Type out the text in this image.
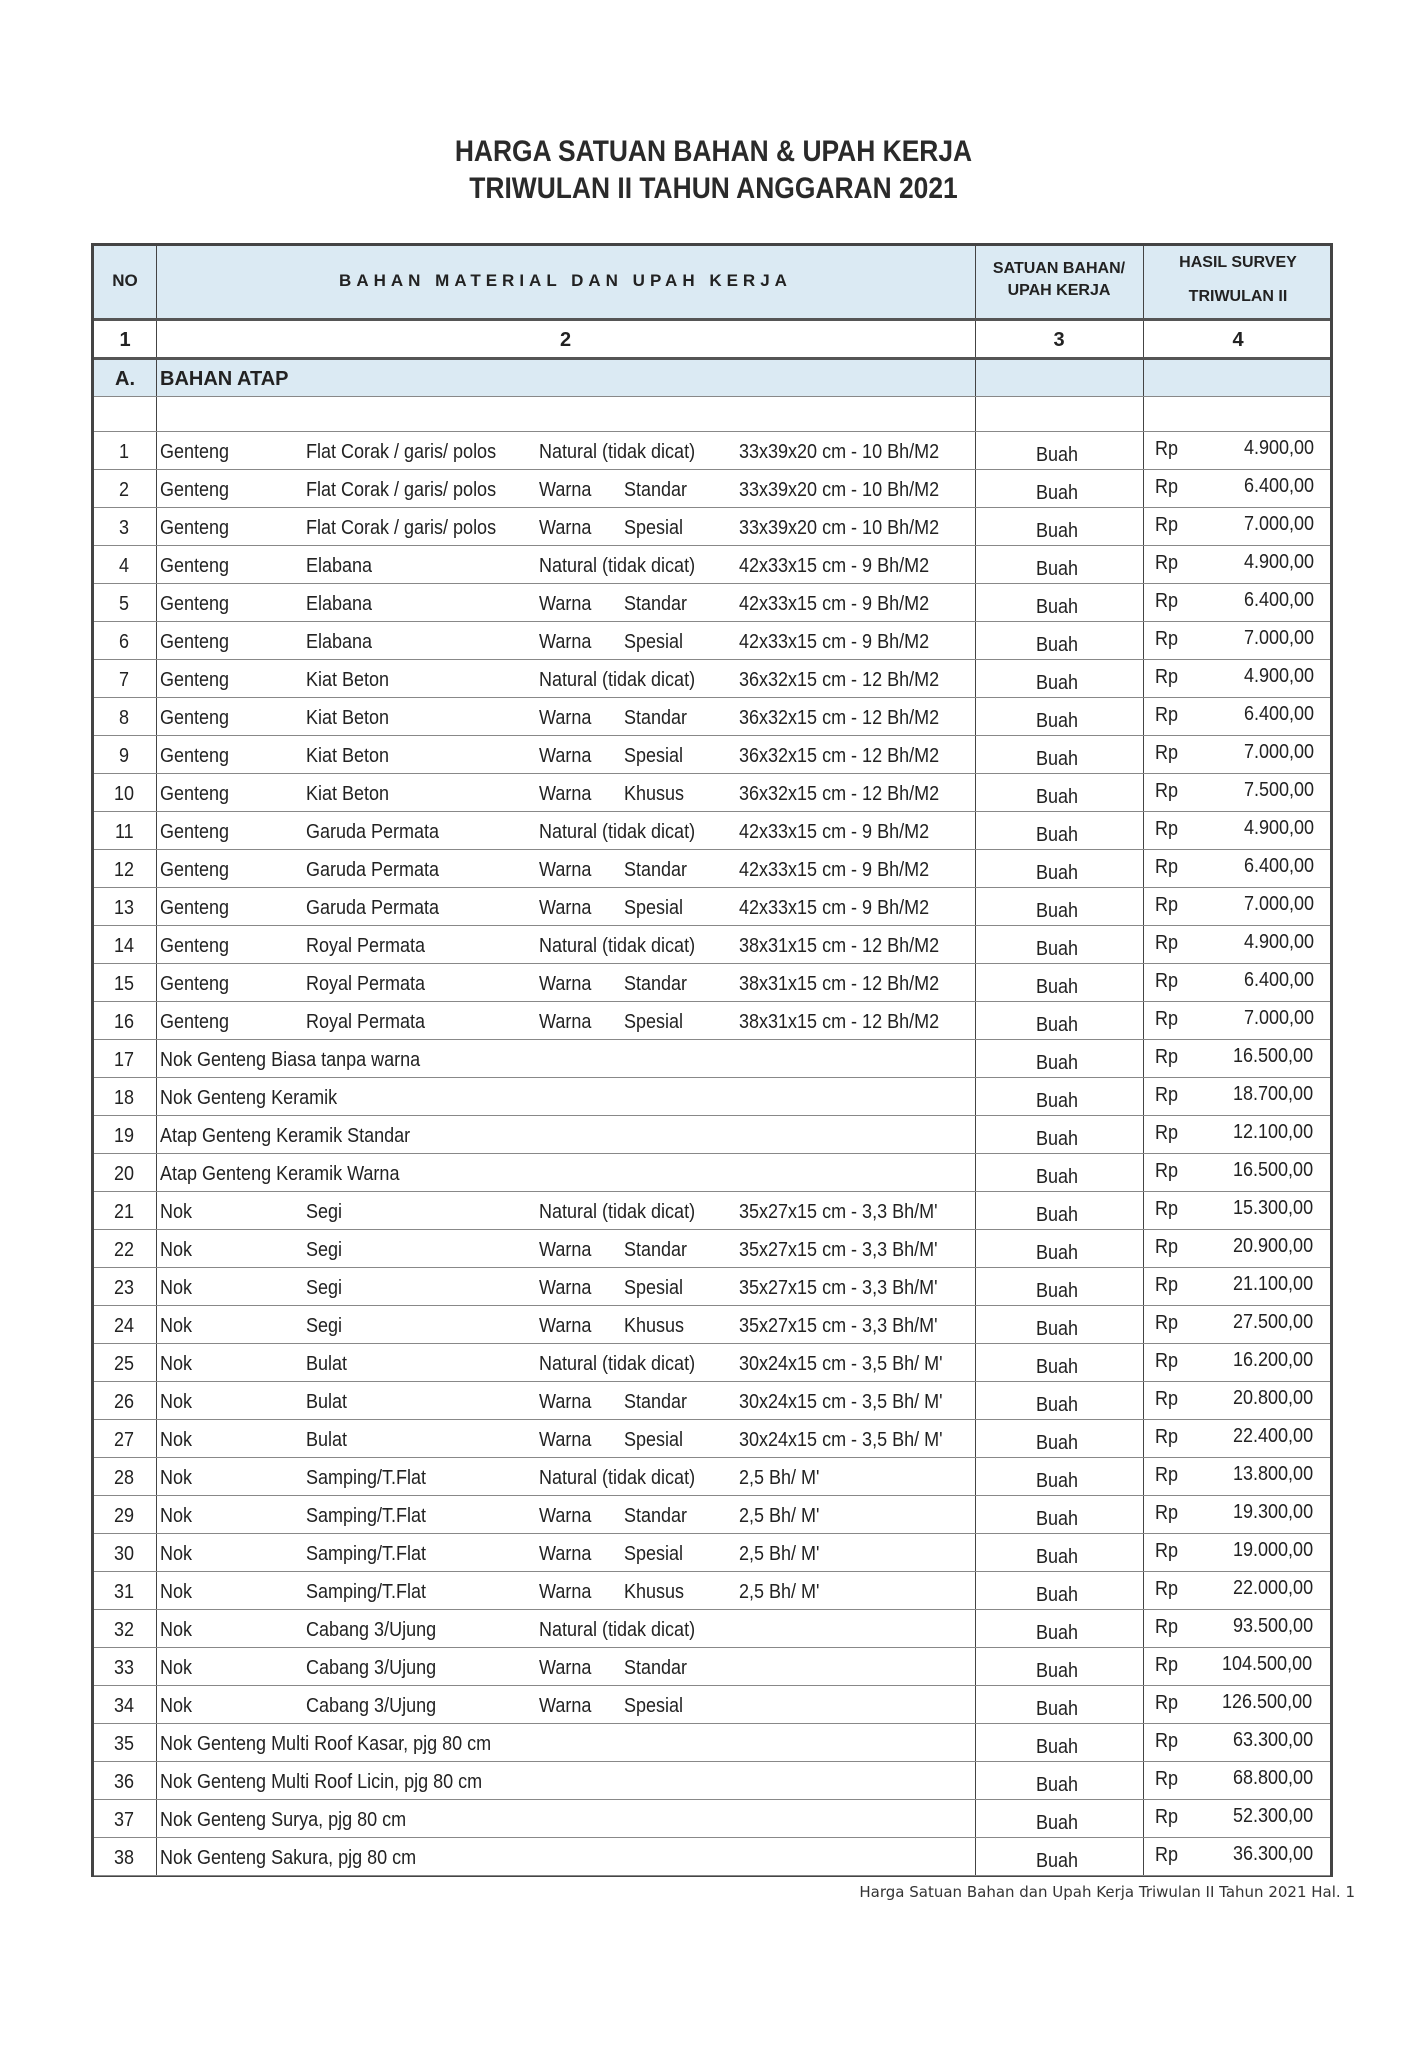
HARGA SATUAN BAHAN & UPAH KERJA
TRIWULAN II TAHUN ANGGARAN 2021
NO	BAHAN MATERIAL DAN UPAH KERJA
SATUAN BAHAN/
UPAH KERJA
HASIL SURVEY
TRIWULAN II
1	2	3	4
A.	BAHAN ATAP
1	Genteng	Flat Corak / garis/ polos	Natural (tidak dicat)	33x39x20 cm - 10 Bh/M2	Buah	Rp	4.900,00
2	Genteng	Flat Corak / garis/ polos	Warna Standar	33x39x20 cm - 10 Bh/M2	Buah	Rp	6.400,00
3	Genteng	Flat Corak / garis/ polos	Warna Spesial	33x39x20 cm - 10 Bh/M2	Buah	Rp	7.000,00
4	Genteng	Elabana	Natural (tidak dicat)	42x33x15 cm - 9 Bh/M2	Buah	Rp	4.900,00
5	Genteng	Elabana	Warna Standar	42x33x15 cm - 9 Bh/M2	Buah	Rp	6.400,00
6	Genteng	Elabana	Warna Spesial	42x33x15 cm - 9 Bh/M2	Buah	Rp	7.000,00
7	Genteng	Kiat Beton	Natural (tidak dicat)	36x32x15 cm - 12 Bh/M2	Buah	Rp	4.900,00
8	Genteng	Kiat Beton	Warna Standar	36x32x15 cm - 12 Bh/M2	Buah	Rp	6.400,00
9	Genteng	Kiat Beton	Warna Spesial	36x32x15 cm - 12 Bh/M2	Buah	Rp	7.000,00
10	Genteng	Kiat Beton	Warna Khusus	36x32x15 cm - 12 Bh/M2	Buah	Rp	7.500,00
11	Genteng	Garuda Permata	Natural (tidak dicat)	42x33x15 cm - 9 Bh/M2	Buah	Rp	4.900,00
12	Genteng	Garuda Permata	Warna Standar	42x33x15 cm - 9 Bh/M2	Buah	Rp	6.400,00
13	Genteng	Garuda Permata	Warna Spesial	42x33x15 cm - 9 Bh/M2	Buah	Rp	7.000,00
14	Genteng	Royal Permata	Natural (tidak dicat)	38x31x15 cm - 12 Bh/M2	Buah	Rp	4.900,00
15	Genteng	Royal Permata	Warna Standar	38x31x15 cm - 12 Bh/M2	Buah	Rp	6.400,00
16	Genteng	Royal Permata	Warna Spesial	38x31x15 cm - 12 Bh/M2	Buah	Rp	7.000,00
17	Nok Genteng Biasa tanpa warna	Buah	Rp	16.500,00
18	Nok Genteng Keramik	Buah	Rp	18.700,00
19	Atap Genteng Keramik Standar	Buah	Rp	12.100,00
20	Atap Genteng Keramik Warna	Buah	Rp	16.500,00
21	Nok	Segi	Natural (tidak dicat)	35x27x15 cm - 3,3 Bh/M'	Buah	Rp	15.300,00
22	Nok	Segi	Warna Standar	35x27x15 cm - 3,3 Bh/M'	Buah	Rp	20.900,00
23	Nok	Segi	Warna Spesial	35x27x15 cm - 3,3 Bh/M'	Buah	Rp	21.100,00
24	Nok	Segi	Warna Khusus	35x27x15 cm - 3,3 Bh/M'	Buah	Rp	27.500,00
25	Nok	Bulat	Natural (tidak dicat)	30x24x15 cm - 3,5 Bh/ M'	Buah	Rp	16.200,00
26	Nok	Bulat	Warna Standar	30x24x15 cm - 3,5 Bh/ M'	Buah	Rp	20.800,00
27	Nok	Bulat	Warna Spesial	30x24x15 cm - 3,5 Bh/ M'	Buah	Rp	22.400,00
28	Nok	Samping/T.Flat	Natural (tidak dicat)	2,5 Bh/ M'	Buah	Rp	13.800,00
29	Nok	Samping/T.Flat	Warna Standar	2,5 Bh/ M'	Buah	Rp	19.300,00
30	Nok	Samping/T.Flat	Warna Spesial	2,5 Bh/ M'	Buah	Rp	19.000,00
31	Nok	Samping/T.Flat	Warna Khusus	2,5 Bh/ M'	Buah	Rp	22.000,00
32	Nok	Cabang 3/Ujung	Natural (tidak dicat)	Buah	Rp	93.500,00
33	Nok	Cabang 3/Ujung	Warna Standar	Buah	Rp 104.500,00
34	Nok	Cabang 3/Ujung	Warna Spesial	Buah	Rp 126.500,00
35	Nok Genteng Multi Roof Kasar, pjg 80 cm	Buah	Rp	63.300,00
36	Nok Genteng Multi Roof Licin, pjg 80 cm	Buah	Rp	68.800,00
37	Nok Genteng Surya, pjg 80 cm	Buah	Rp	52.300,00
38	Nok Genteng Sakura, pjg 80 cm	Buah	Rp	36.300,00
Harga Satuan Bahan dan Upah Kerja Triwulan II Tahun 2021 Hal. 1
